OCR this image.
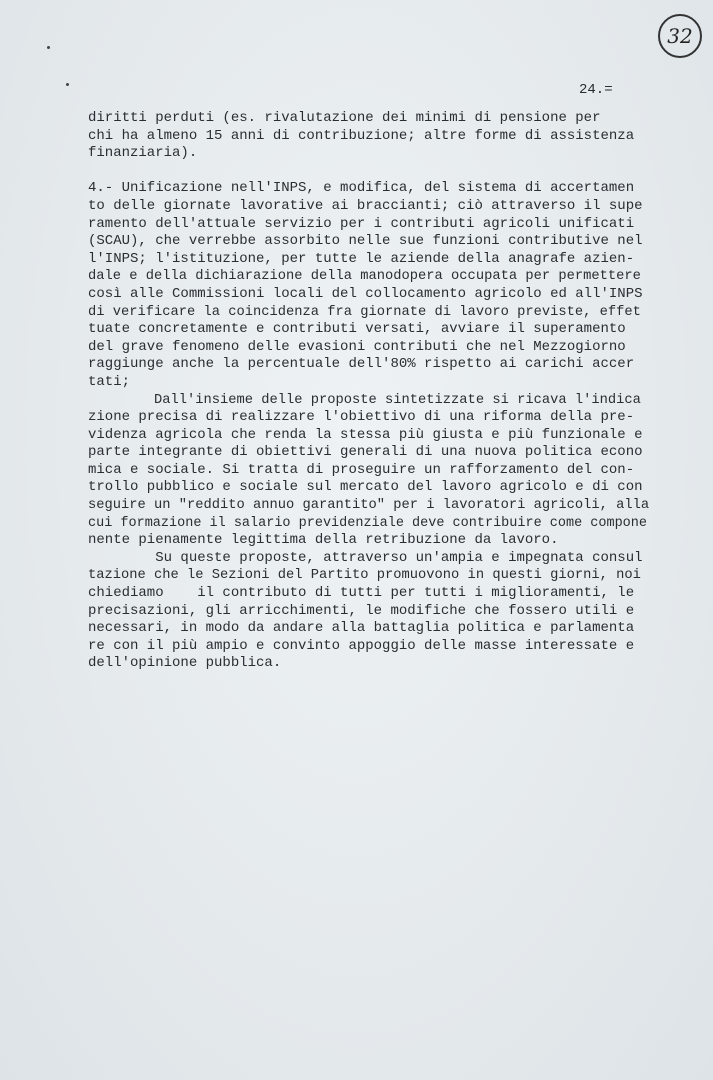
32
24.=
diritti perduti (es. rivalutazione dei minimi di pensione per
chi ha almeno 15 anni di contribuzione; altre forme di assistenza
finanziaria).
4.- Unificazione nell'INPS, e modifica, del sistema di accertamen
to delle giornate lavorative ai braccianti; ciò attraverso il supe
ramento dell'attuale servizio per i contributi agricoli unificati
(SCAU), che verrebbe assorbito nelle sue funzioni contributive nel
l'INPS; l'istituzione, per tutte le aziende della anagrafe azien-
dale e della dichiarazione della manodopera occupata per permettere
così alle Commissioni locali del collocamento agricolo ed all'INPS
di verificare la coincidenza fra giornate di lavoro previste, effet
tuate concretamente e contributi versati, avviare il superamento
del grave fenomeno delle evasioni contributi che nel Mezzogiorno
raggiunge anche la percentuale dell'80% rispetto ai carichi accer
tati;
Dall'insieme delle proposte sintetizzate si ricava l'indica
zione precisa di realizzare l'obiettivo di una riforma della pre-
videnza agricola che renda la stessa più giusta e più funzionale e
parte integrante di obiettivi generali di una nuova politica econo
mica e sociale. Si tratta di proseguire un rafforzamento del con-
trollo pubblico e sociale sul mercato del lavoro agricolo e di con
seguire un "reddito annuo garantito" per i lavoratori agricoli, alla
cui formazione il salario previdenziale deve contribuire come compone
nente pienamente legittima della retribuzione da lavoro.
Su queste proposte, attraverso un'ampia e impegnata consul
tazione che le Sezioni del Partito promuovono in questi giorni, noi
chiediamo    il contributo di tutti per tutti i miglioramenti, le
precisazioni, gli arricchimenti, le modifiche che fossero utili e
necessari, in modo da andare alla battaglia politica e parlamenta
re con il più ampio e convinto appoggio delle masse interessate e
dell'opinione pubblica.
